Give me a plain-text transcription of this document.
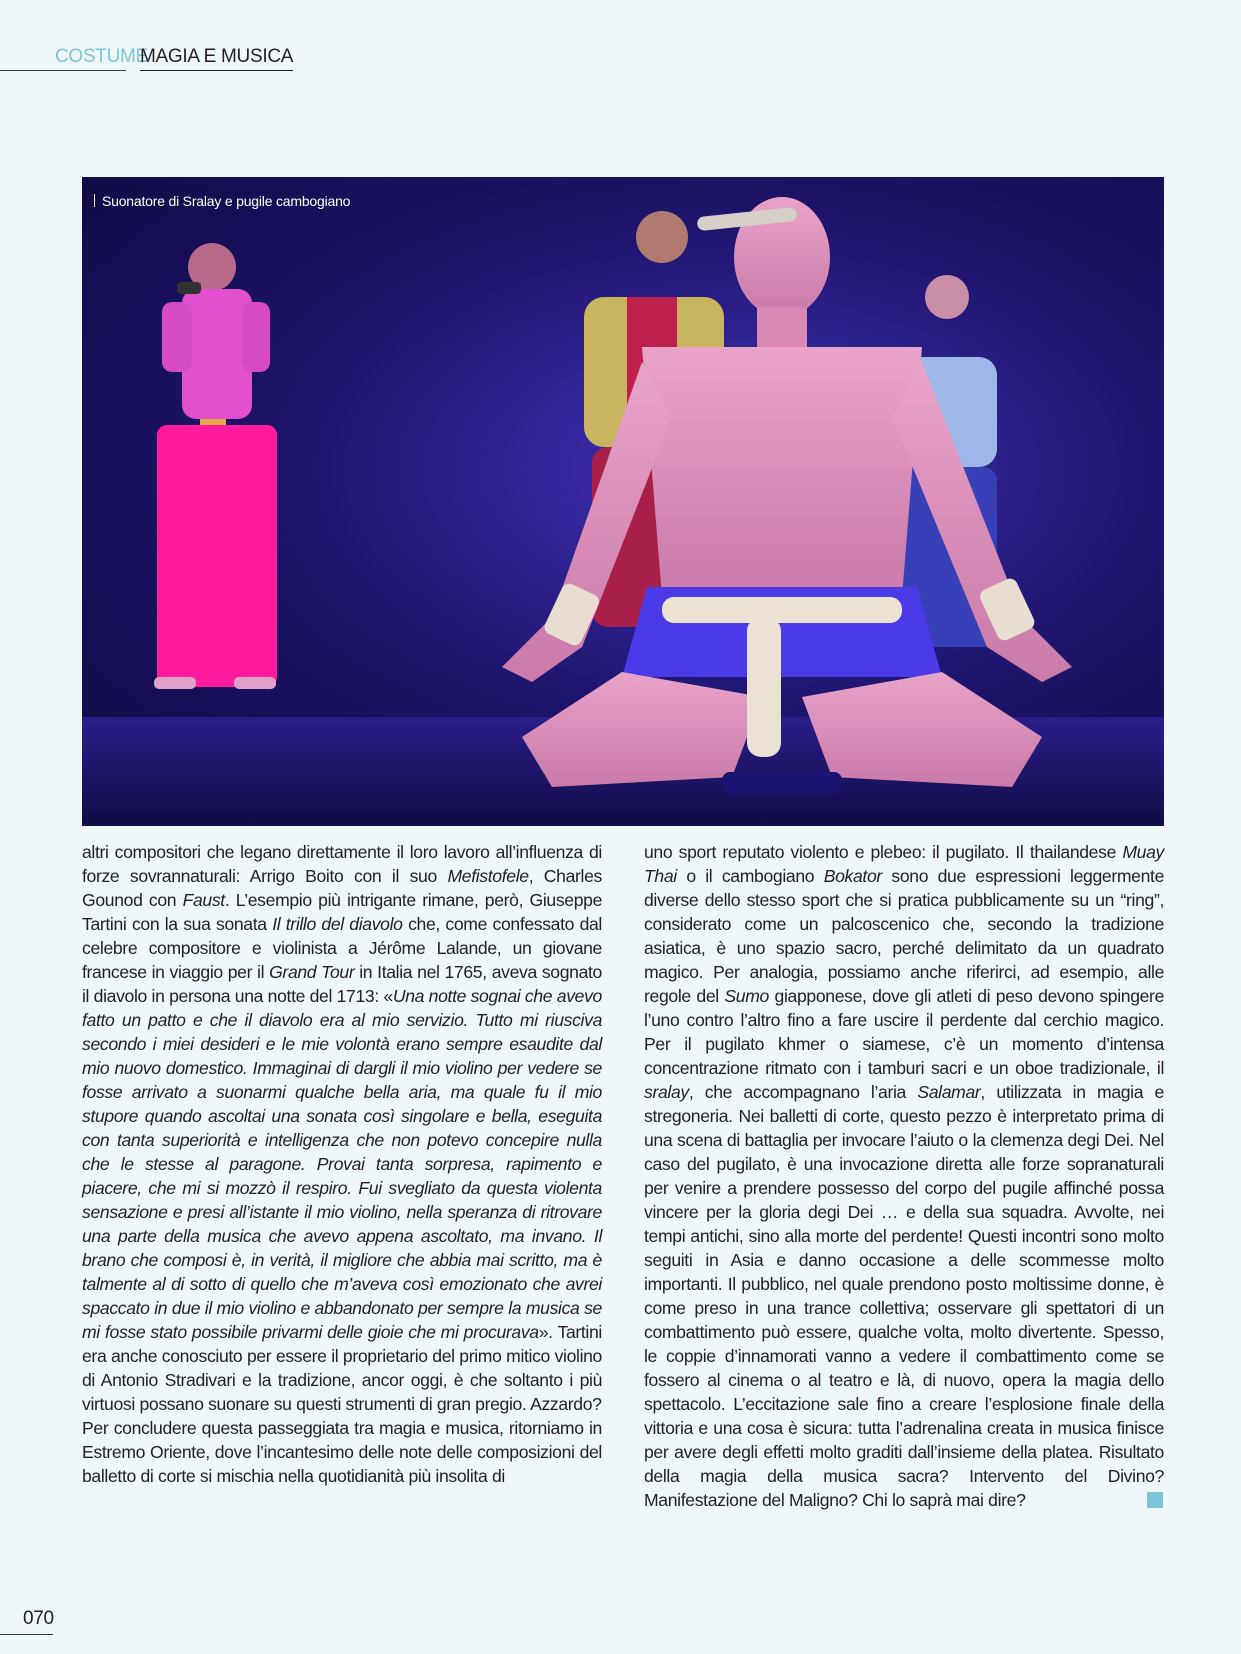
COSTUME
MAGIA E MUSICA
Suonatore di Sralay e pugile cambogiano

altri compositori che legano direttamente il loro lavoro all’influenza di forze sovrannaturali: Arrigo Boito con il suo Mefistofele, Charles Gounod con Faust. L’esempio più intrigante rimane, però, Giuseppe Tartini con la sua sonata Il trillo del diavolo che, come confessato dal celebre compositore e violinista a Jérôme Lalande, un giovane francese in viaggio per il Grand Tour in Italia nel 1765, aveva sognato il diavolo in persona una notte del 1713: «Una notte sognai che avevo fatto un patto e che il diavolo era al mio servizio. Tutto mi riusciva secondo i miei desideri e le mie volontà erano sempre esaudite dal mio nuovo domestico. Immaginai di dargli il mio violino per vedere se fosse arrivato a suonarmi qualche bella aria, ma quale fu il mio stupore quando ascoltai una sonata così singolare e bella, eseguita con tanta superiorità e intelligenza che non potevo concepire nulla che le stesse al paragone. Provai tanta sorpresa, rapimento e piacere, che mi si mozzò il respiro. Fui svegliato da questa violenta sensazione e presi all’istante il mio violino, nella speranza di ritrovare una parte della musica che avevo appena ascoltato, ma invano. Il brano che composi è, in verità, il migliore che abbia mai scritto, ma è talmente al di sotto di quello che m’aveva così emozionato che avrei spaccato in due il mio violino e abbandonato per sempre la musica se mi fosse stato possibile privarmi delle gioie che mi procurava». Tartini era anche conosciuto per essere il proprietario del primo mitico violino di Antonio Stradivari e la tradizione, ancor oggi, è che soltanto i più virtuosi possano suonare su questi strumenti di gran pregio. Azzardo?

Per concludere questa passeggiata tra magia e musica, ritorniamo in Estremo Oriente, dove l’incantesimo delle note delle composizioni del balletto di corte si mischia nella quotidianità più insolita di

uno sport reputato violento e plebeo: il pugilato. Il thailandese Muay Thai o il cambogiano Bokator sono due espressioni leggermente diverse dello stesso sport che si pratica pubblicamente su un “ring”, considerato come un palcoscenico che, secondo la tradizione asiatica, è uno spazio sacro, perché delimitato da un quadrato magico. Per analogia, possiamo anche riferirci, ad esempio, alle regole del Sumo giapponese, dove gli atleti di peso devono spingere l’uno contro l’altro fino a fare uscire il perdente dal cerchio magico. Per il pugilato khmer o siamese, c’è un momento d’intensa concentrazione ritmato con i tamburi sacri e un oboe tradizionale, il sralay, che accompagnano l’aria Salamar, utilizzata in magia e stregoneria. Nei balletti di corte, questo pezzo è interpretato prima di una scena di battaglia per invocare l’aiuto o la clemenza degi Dei. Nel caso del pugilato, è una invocazione diretta alle forze sopranaturali per venire a prendere possesso del corpo del pugile affinché possa vincere per la gloria degi Dei … e della sua squadra. Avvolte, nei tempi antichi, sino alla morte del perdente! Questi incontri sono molto seguiti in Asia e danno occasione a delle scommesse molto importanti. Il pubblico, nel quale prendono posto moltissime donne, è come preso in una trance collettiva; osservare gli spettatori di un combattimento può essere, qualche volta, molto divertente. Spesso, le coppie d’innamorati vanno a vedere il combattimento come se fossero al cinema o al teatro e là, di nuovo, opera la magia dello spettacolo. L’eccitazione sale fino a creare l’esplosione finale della vittoria e una cosa è sicura: tutta l’adrenalina creata in musica finisce per avere degli effetti molto graditi dall’insieme della platea. Risultato della magia della musica sacra? Intervento del Divino? Manifestazione del Maligno? Chi lo saprà mai dire?

070
